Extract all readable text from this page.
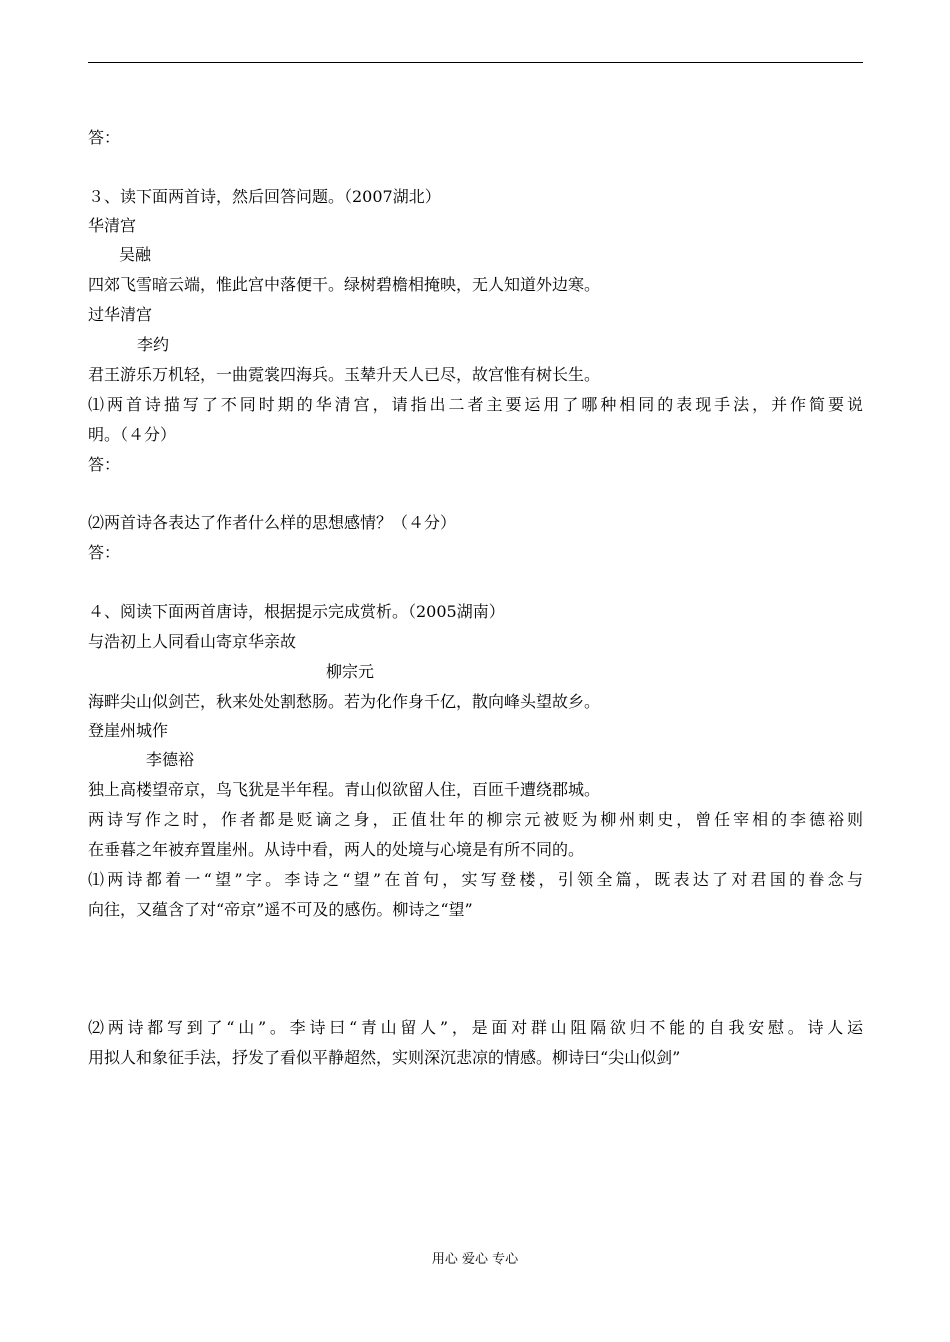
答：
３、读下面两首诗，然后回答问题。（2007湖北）
华清宫
吴融
四郊飞雪暗云端，惟此宫中落便干。绿树碧檐相掩映，无人知道外边寒。
过华清宫
李约
君王游乐万机轻，一曲霓裳四海兵。玉辇升天人已尽，故宫惟有树长生。
⑴两首诗描写了不同时期的华清宫，请指出二者主要运用了哪种相同的表现手法，并作简要说
明。（４分）
答：
⑵两首诗各表达了作者什么样的思想感情？（４分）
答：
４、阅读下面两首唐诗，根据提示完成赏析。（2005湖南）
与浩初上人同看山寄京华亲故
柳宗元
海畔尖山似剑芒，秋来处处割愁肠。若为化作身千亿，散向峰头望故乡。
登崖州城作
李德裕
独上高楼望帝京，鸟飞犹是半年程。青山似欲留人住，百匝千遭绕郡城。
两诗写作之时，作者都是贬谪之身，正值壮年的柳宗元被贬为柳州刺史，曾任宰相的李德裕则
在垂暮之年被弃置崖州。从诗中看，两人的处境与心境是有所不同的。
⑴两诗都着一“望”字。李诗之“望”在首句，实写登楼，引领全篇，既表达了对君国的眷念与
向往，又蕴含了对“帝京”遥不可及的感伤。柳诗之“望”
⑵两诗都写到了“山”。李诗曰“青山留人”，是面对群山阻隔欲归不能的自我安慰。诗人运
用拟人和象征手法，抒发了看似平静超然，实则深沉悲凉的情感。柳诗曰“尖山似剑”
用心 爱心 专心
